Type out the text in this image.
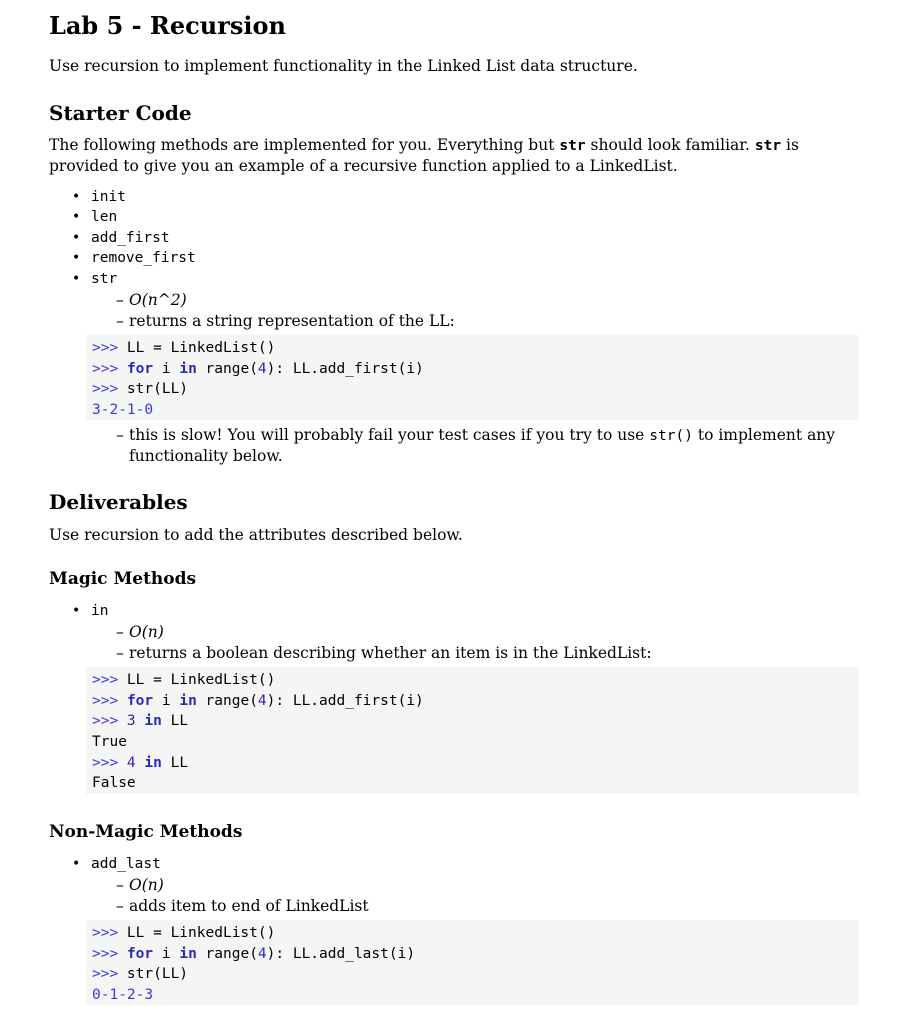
Lab 5 - Recursion

Use recursion to implement functionality in the Linked List data structure.

Starter Code

The following methods are implemented for you. Everything but str should look familiar. str is provided to give you an example of a recursive function applied to a LinkedList.

• init
• len
• add_first
• remove_first
• str
– O(n^2)
– returns a string representation of the LL:
>>> LL = LinkedList()
>>> for i in range(4): LL.add_first(i)
>>> str(LL)
3-2-1-0
– this is slow! You will probably fail your test cases if you try to use str() to implement any functionality below.
Deliverables

Use recursion to add the attributes described below.

Magic Methods
• in
– O(n)
– returns a boolean describing whether an item is in the LinkedList:
>>> LL = LinkedList()
>>> for i in range(4): LL.add_first(i)
>>> 3 in LL
True
>>> 4 in LL
False
Non-Magic Methods
• add_last
– O(n)
– adds item to end of LinkedList
>>> LL = LinkedList()
>>> for i in range(4): LL.add_last(i)
>>> str(LL)
0-1-2-3
